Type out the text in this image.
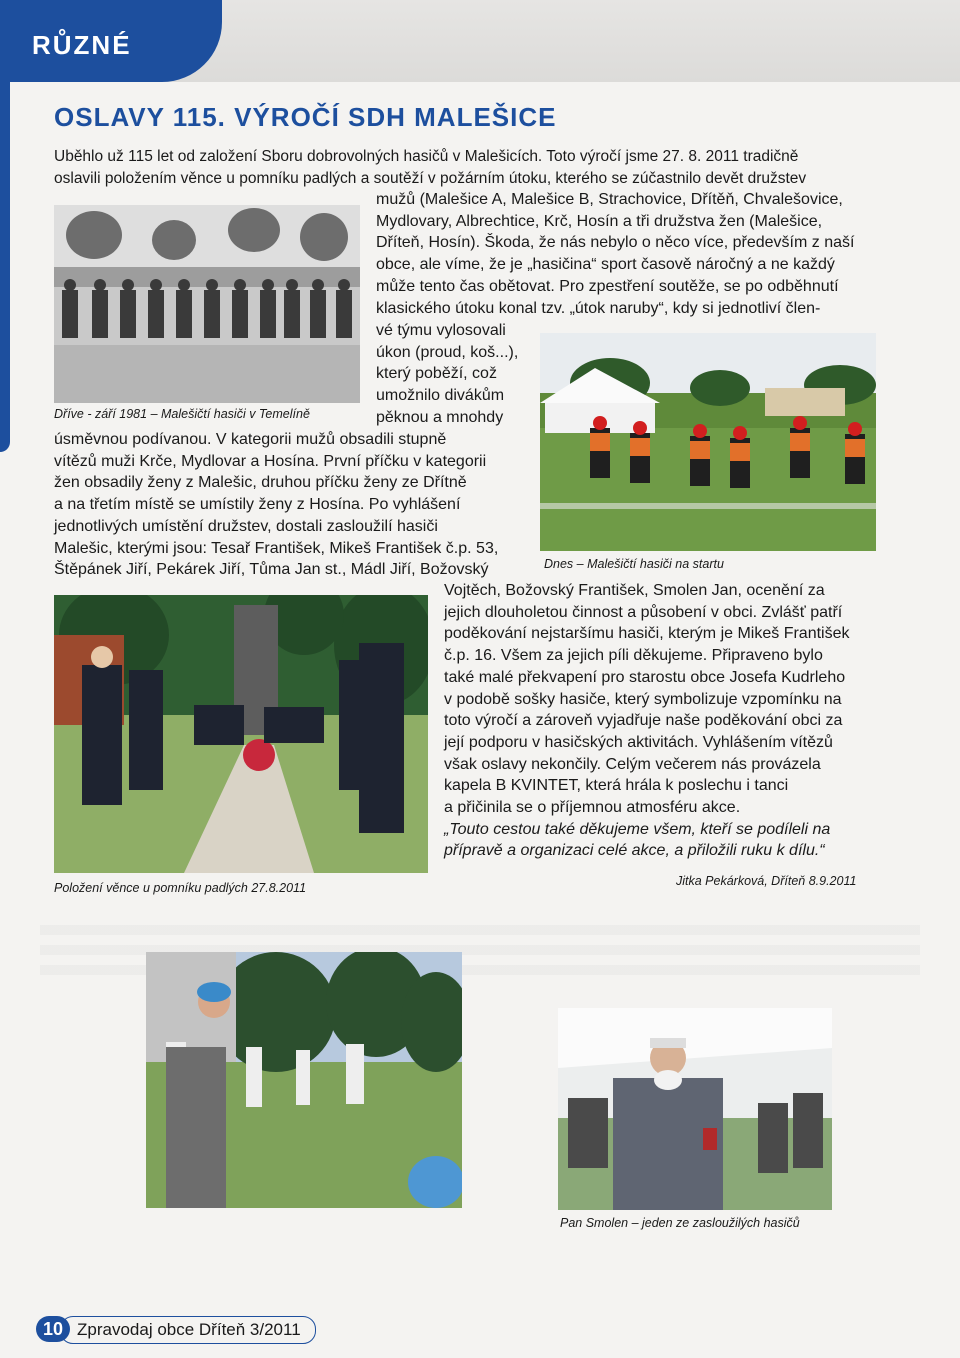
RŮZNÉ
OSLAVY 115. VÝROČÍ SDH MALEŠICE
Uběhlo už 115 let od založení Sboru dobrovolných hasičů v Malešicích. Toto výročí jsme 27. 8. 2011 tradičně
oslavili položením věnce u pomníku padlých a soutěží v požárním útoku, kterého se zúčastnilo devět družstev
Dříve - září 1981 – Malešičtí hasiči v Temelíně
mužů (Malešice A, Malešice B, Strachovice, Dřítěň, Chvalešovice,
Mydlovary, Albrechtice, Krč, Hosín a tři družstva žen (Malešice,
Dříteň, Hosín). Škoda, že nás nebylo o něco více, především z naší
obce, ale víme, že je „hasičina“ sport časově náročný a ne každý
může tento čas obětovat. Pro zpestření soutěže, se po odběhnutí
klasického útoku konal tzv. „útok naruby“, kdy si jednotliví člen-
vé týmu vylosovali
úkon (proud, koš...),
který poběží, což
umožnilo divákům
pěknou a mnohdy
Dnes – Malešičtí hasiči na startu
úsměvnou podívanou. V kategorii mužů obsadili stupně
vítězů muži Krče, Mydlovar a Hosína. První příčku v kategorii
žen obsadily ženy z Malešic, druhou příčku ženy ze Dřítně
a na třetím místě se umístily ženy z Hosína. Po vyhlášení
jednotlivých umístění družstev, dostali zasloužilí hasiči
Malešic, kterými jsou: Tesař František, Mikeš František č.p. 53,
Štěpánek Jiří, Pekárek Jiří, Tůma Jan st., Mádl Jiří, Božovský
Položení věnce u pomníku padlých 27.8.2011
Vojtěch, Božovský František, Smolen Jan, ocenění za
jejich dlouholetou činnost a působení v obci. Zvlášť patří
poděkování nejstaršímu hasiči, kterým je Mikeš František
č.p. 16. Všem za jejich píli děkujeme. Připraveno bylo
také malé překvapení pro starostu obce Josefa Kudrleho
v podobě sošky hasiče, který symbolizuje vzpomínku na
toto výročí a zároveň vyjadřuje naše poděkování obci za
její podporu v hasičských aktivitách. Vyhlášením vítězů
však oslavy nekončily. Celým večerem nás provázela
kapela B KVINTET, která hrála k poslechu i tanci
a přičinila se o příjemnou atmosféru akce.
„Touto cestou také děkujeme všem, kteří se podíleli na
přípravě a organizaci celé akce, a přiložili ruku k dílu.“
Jitka Pekárková, Dříteň 8.9.2011
Pan Smolen – jeden ze zasloužilých hasičů
Zpravodaj obce Dříteň 3/2011
10
